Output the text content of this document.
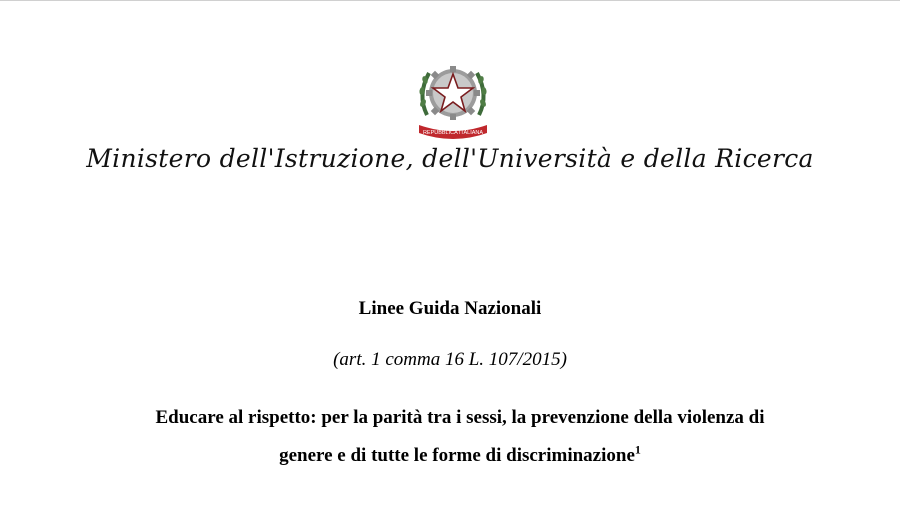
REPUBBLICA ITALIANA
Ministero dell'Istruzione, dell'Università e della Ricerca
Linee Guida Nazionali
(art. 1 comma 16 L. 107/2015)
Educare al rispetto: per la parità tra i sessi, la prevenzione della violenza di
genere e di tutte le forme di discriminazione$^1$
